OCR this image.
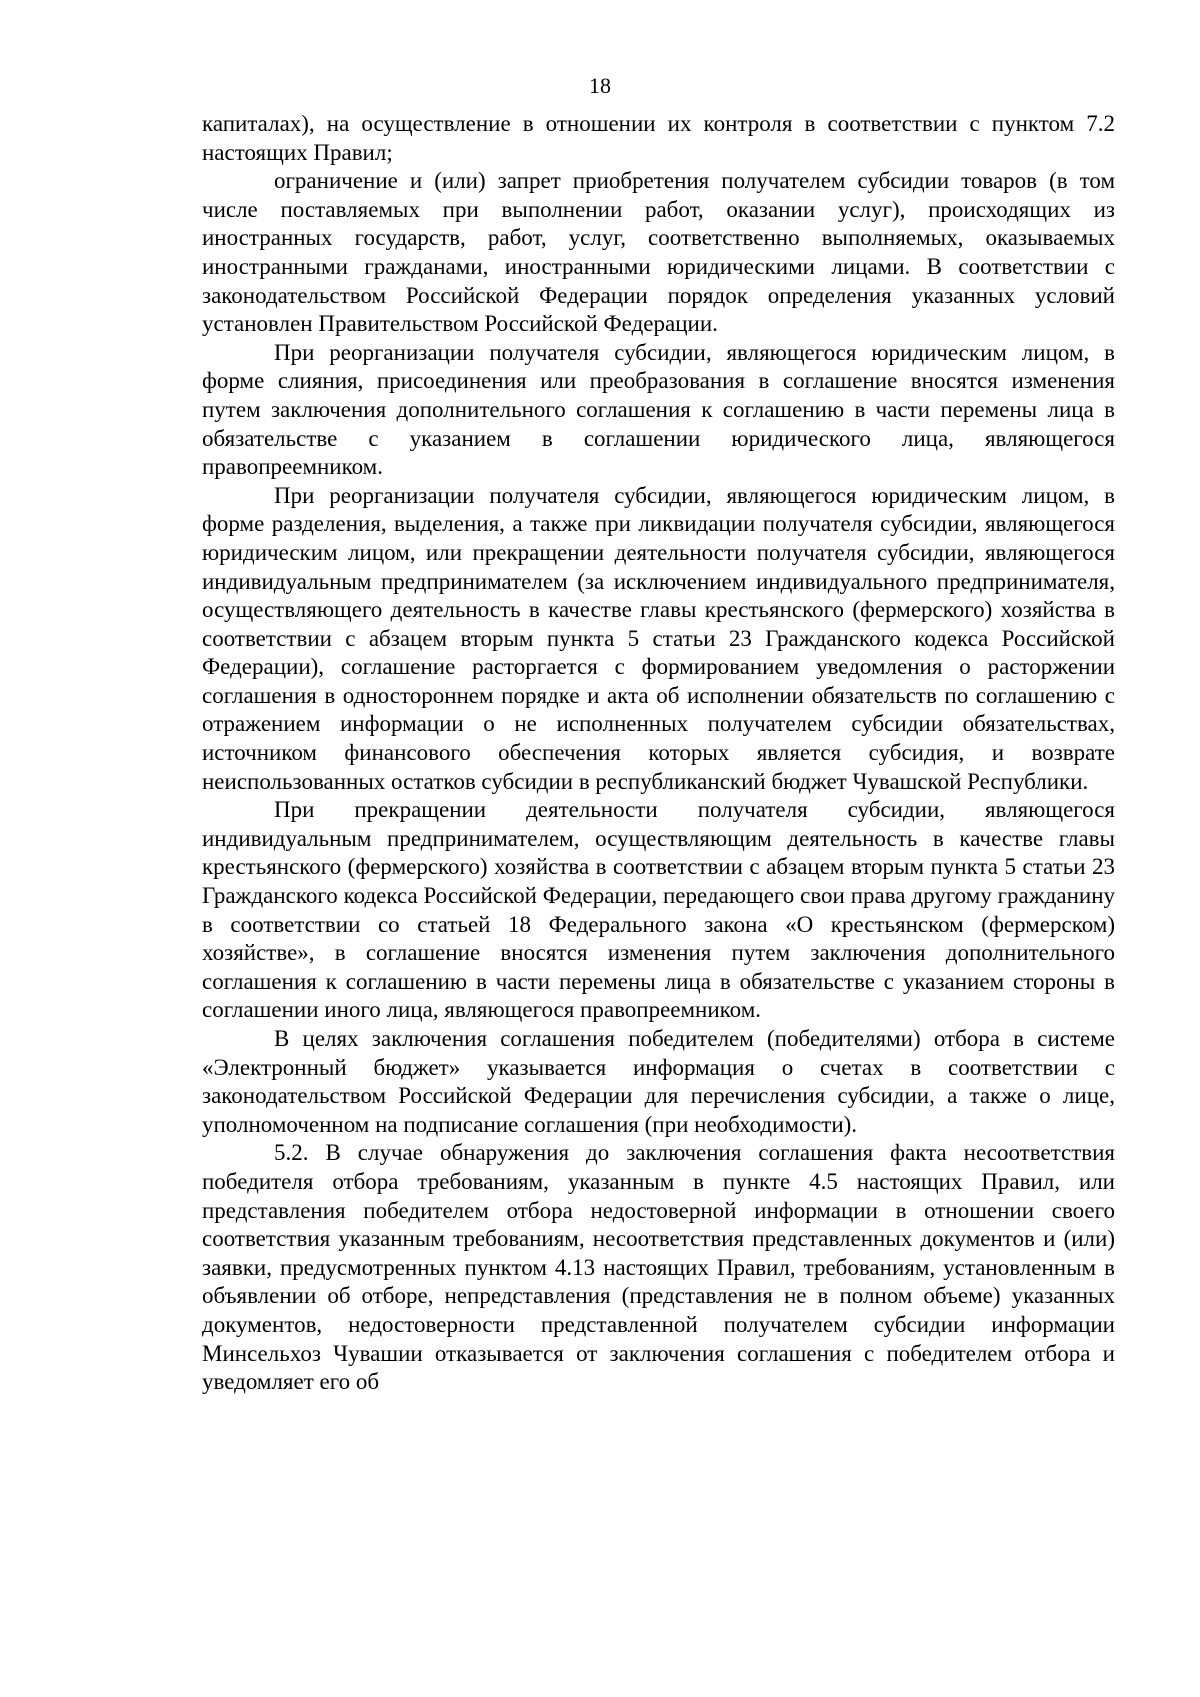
18

капиталах), на осуществление в отношении их контроля в соответствии с пунктом 7.2 настоящих Правил;

ограничение и (или) запрет приобретения получателем субсидии товаров (в том числе поставляемых при выполнении работ, оказании услуг), происходящих из иностранных государств, работ, услуг, соответственно выполняемых, оказываемых иностранными гражданами, иностранными юридическими лицами. В соответствии с законодательством Российской Федерации порядок определения указанных условий установлен Правительством Российской Федерации.

При реорганизации получателя субсидии, являющегося юридическим лицом, в форме слияния, присоединения или преобразования в соглашение вносятся изменения путем заключения дополнительного соглашения к соглашению в части перемены лица в обязательстве с указанием в соглашении юридического лица, являющегося правопреемником.

При реорганизации получателя субсидии, являющегося юридическим лицом, в форме разделения, выделения, а также при ликвидации получателя субсидии, являющегося юридическим лицом, или прекращении деятельности получателя субсидии, являющегося индивидуальным предпринимателем (за исключением индивидуального предпринимателя, осуществляющего деятельность в качестве главы крестьянского (фермерского) хозяйства в соответствии с абзацем вторым пункта 5 статьи 23 Гражданского кодекса Российской Федерации), соглашение расторгается с формированием уведомления о расторжении соглашения в одностороннем порядке и акта об исполнении обязательств по соглашению с отражением информации о не исполненных получателем субсидии обязательствах, источником финансового обеспечения которых является субсидия, и возврате неиспользованных остатков субсидии в республиканский бюджет Чувашской Республики.

При прекращении деятельности получателя субсидии, являющегося индивидуальным предпринимателем, осуществляющим деятельность в качестве главы крестьянского (фермерского) хозяйства в соответствии с абзацем вторым пункта 5 статьи 23 Гражданского кодекса Российской Федерации, передающего свои права другому гражданину в соответствии со статьей 18 Федерального закона «О крестьянском (фермерском) хозяйстве», в соглашение вносятся изменения путем заключения дополнительного соглашения к соглашению в части перемены лица в обязательстве с указанием стороны в соглашении иного лица, являющегося правопреемником.

В целях заключения соглашения победителем (победителями) отбора в системе «Электронный бюджет» указывается информация о счетах в соответствии с законодательством Российской Федерации для перечисления субсидии, а также о лице, уполномоченном на подписание соглашения (при необходимости).

5.2. В случае обнаружения до заключения соглашения факта несоответствия победителя отбора требованиям, указанным в пункте 4.5 настоящих Правил, или представления победителем отбора недостоверной информации в отношении своего соответствия указанным требованиям, несоответствия представленных документов и (или) заявки, предусмотренных пунктом 4.13 настоящих Правил, требованиям, установленным в объявлении об отборе, непредставления (представления не в полном объеме) указанных документов, недостоверности представленной получателем субсидии информации Минсельхоз Чувашии отказывается от заключения соглашения с победителем отбора и уведомляет его об
